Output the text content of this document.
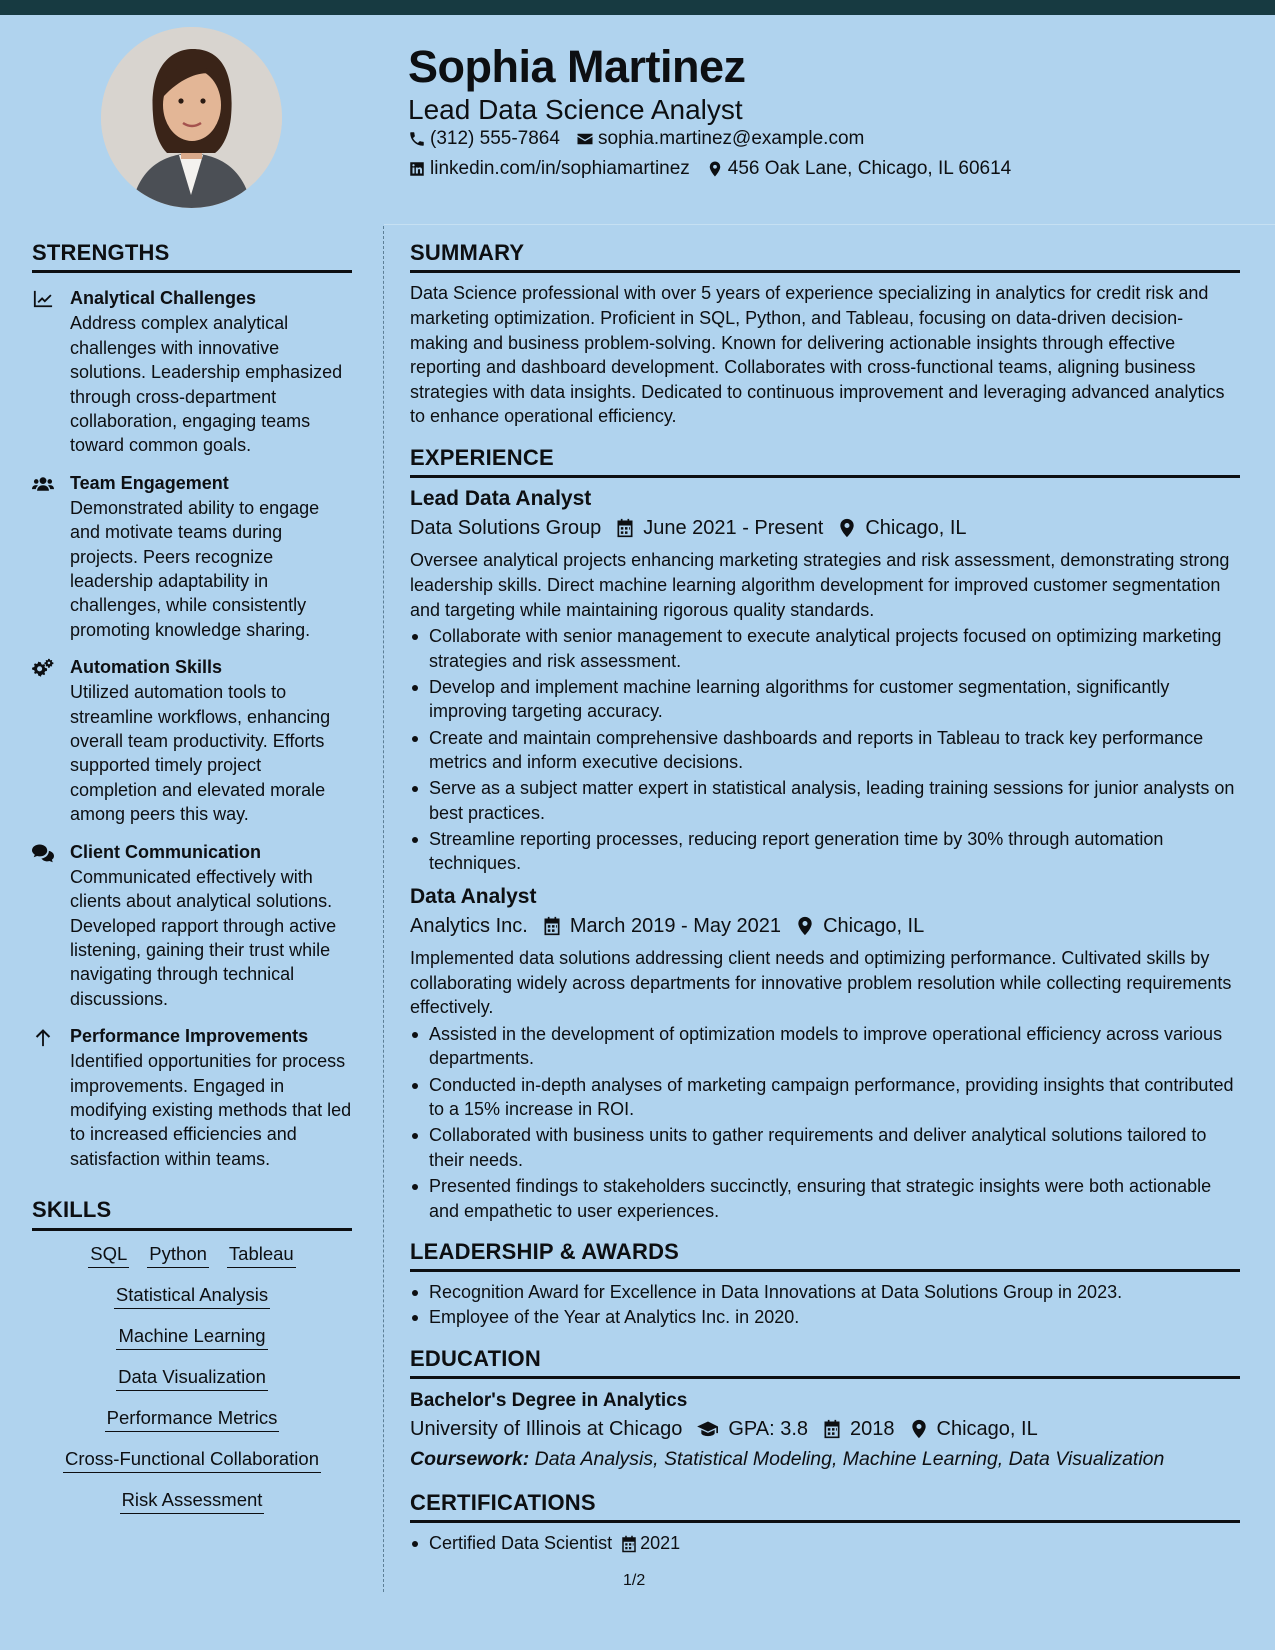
Sophia Martinez
Lead Data Science Analyst
(312) 555-7864 sophia.martinez@example.com
linkedin.com/in/sophiamartinez 456 Oak Lane, Chicago, IL 60614
STRENGTHS
Analytical Challenges
Address complex analytical challenges with innovative solutions. Leadership emphasized through cross-department collaboration, engaging teams toward common goals.
Team Engagement
Demonstrated ability to engage and motivate teams during projects. Peers recognize leadership adaptability in challenges, while consistently promoting knowledge sharing.
Automation Skills
Utilized automation tools to streamline workflows, enhancing overall team productivity. Efforts supported timely project completion and elevated morale among peers this way.
Client Communication
Communicated effectively with clients about analytical solutions. Developed rapport through active listening, gaining their trust while navigating through technical discussions.
Performance Improvements
Identified opportunities for process improvements. Engaged in modifying existing methods that led to increased efficiencies and satisfaction within teams.
SKILLS
SQL Python Tableau
Statistical Analysis
Machine Learning
Data Visualization
Performance Metrics
Cross-Functional Collaboration
Risk Assessment
SUMMARY
Data Science professional with over 5 years of experience specializing in analytics for credit risk and marketing optimization. Proficient in SQL, Python, and Tableau, focusing on data-driven decision-making and business problem-solving. Known for delivering actionable insights through effective reporting and dashboard development. Collaborates with cross-functional teams, aligning business strategies with data insights. Dedicated to continuous improvement and leveraging advanced analytics to enhance operational efficiency.
EXPERIENCE
Lead Data Analyst
Data Solutions Group June 2021 - Present Chicago, IL
Oversee analytical projects enhancing marketing strategies and risk assessment, demonstrating strong leadership skills. Direct machine learning algorithm development for improved customer segmentation and targeting while maintaining rigorous quality standards.
Collaborate with senior management to execute analytical projects focused on optimizing marketing strategies and risk assessment.
Develop and implement machine learning algorithms for customer segmentation, significantly improving targeting accuracy.
Create and maintain comprehensive dashboards and reports in Tableau to track key performance metrics and inform executive decisions.
Serve as a subject matter expert in statistical analysis, leading training sessions for junior analysts on best practices.
Streamline reporting processes, reducing report generation time by 30% through automation techniques.
Data Analyst
Analytics Inc. March 2019 - May 2021 Chicago, IL
Implemented data solutions addressing client needs and optimizing performance. Cultivated skills by collaborating widely across departments for innovative problem resolution while collecting requirements effectively.
Assisted in the development of optimization models to improve operational efficiency across various departments.
Conducted in-depth analyses of marketing campaign performance, providing insights that contributed to a 15% increase in ROI.
Collaborated with business units to gather requirements and deliver analytical solutions tailored to their needs.
Presented findings to stakeholders succinctly, ensuring that strategic insights were both actionable and empathetic to user experiences.
LEADERSHIP & AWARDS
Recognition Award for Excellence in Data Innovations at Data Solutions Group in 2023.
Employee of the Year at Analytics Inc. in 2020.
EDUCATION
Bachelor's Degree in Analytics
University of Illinois at Chicago GPA: 3.8 2018 Chicago, IL
Coursework: Data Analysis, Statistical Modeling, Machine Learning, Data Visualization
CERTIFICATIONS
Certified Data Scientist 2021
1/2
